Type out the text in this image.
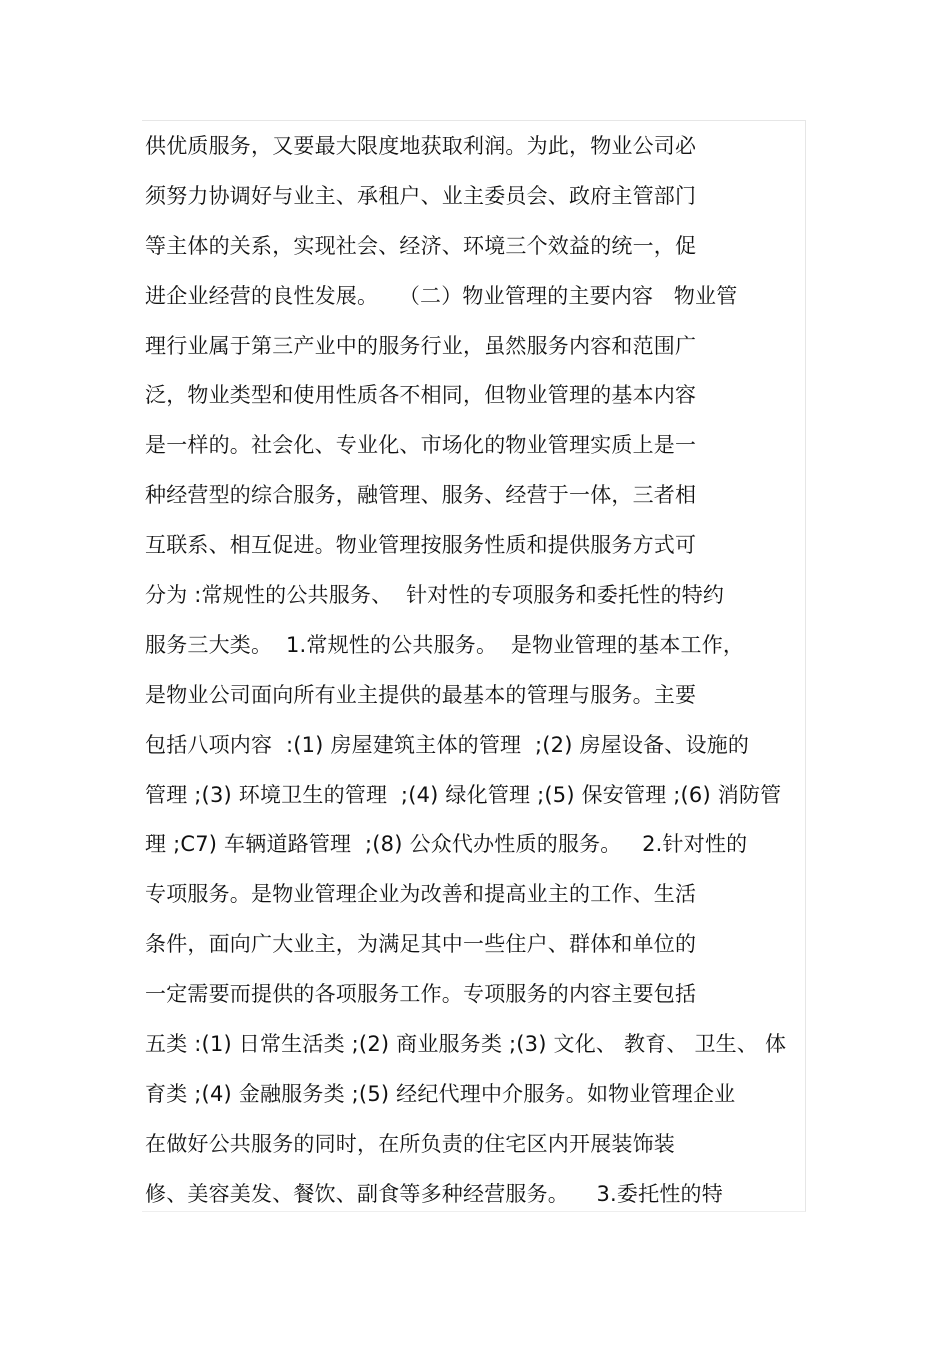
供优质服务，又要最大限度地获取利润。为此，物业公司必
须努力协调好与业主、承租户、业主委员会、政府主管部门
等主体的关系，实现社会、经济、环境三个效益的统一，促
进企业经营的良性发展。   （二）物业管理的主要内容   物业管
理行业属于第三产业中的服务行业，虽然服务内容和范围广
泛，物业类型和使用性质各不相同，但物业管理的基本内容
是一样的。社会化、专业化、市场化的物业管理实质上是一
种经营型的综合服务，融管理、服务、经营于一体，三者相
互联系、相互促进。物业管理按服务性质和提供服务方式可
分为 :常规性的公共服务、  针对性的专项服务和委托性的特约
服务三大类。  1.常规性的公共服务。  是物业管理的基本工作，
是物业公司面向所有业主提供的最基本的管理与服务。主要
包括八项内容  :(1) 房屋建筑主体的管理  ;(2) 房屋设备、设施的
管理 ;(3) 环境卫生的管理  ;(4) 绿化管理 ;(5) 保安管理 ;(6) 消防管
理 ;C7) 车辆道路管理  ;(8) 公众代办性质的服务。   2.针对性的
专项服务。是物业管理企业为改善和提高业主的工作、生活
条件，面向广大业主，为满足其中一些住户、群体和单位的
一定需要而提供的各项服务工作。专项服务的内容主要包括
五类 :(1) 日常生活类 ;(2) 商业服务类 ;(3) 文化、 教育、 卫生、 体
育类 ;(4) 金融服务类 ;(5) 经纪代理中介服务。如物业管理企业
在做好公共服务的同时，在所负责的住宅区内开展装饰装
修、美容美发、餐饮、副食等多种经营服务。    3.委托性的特
